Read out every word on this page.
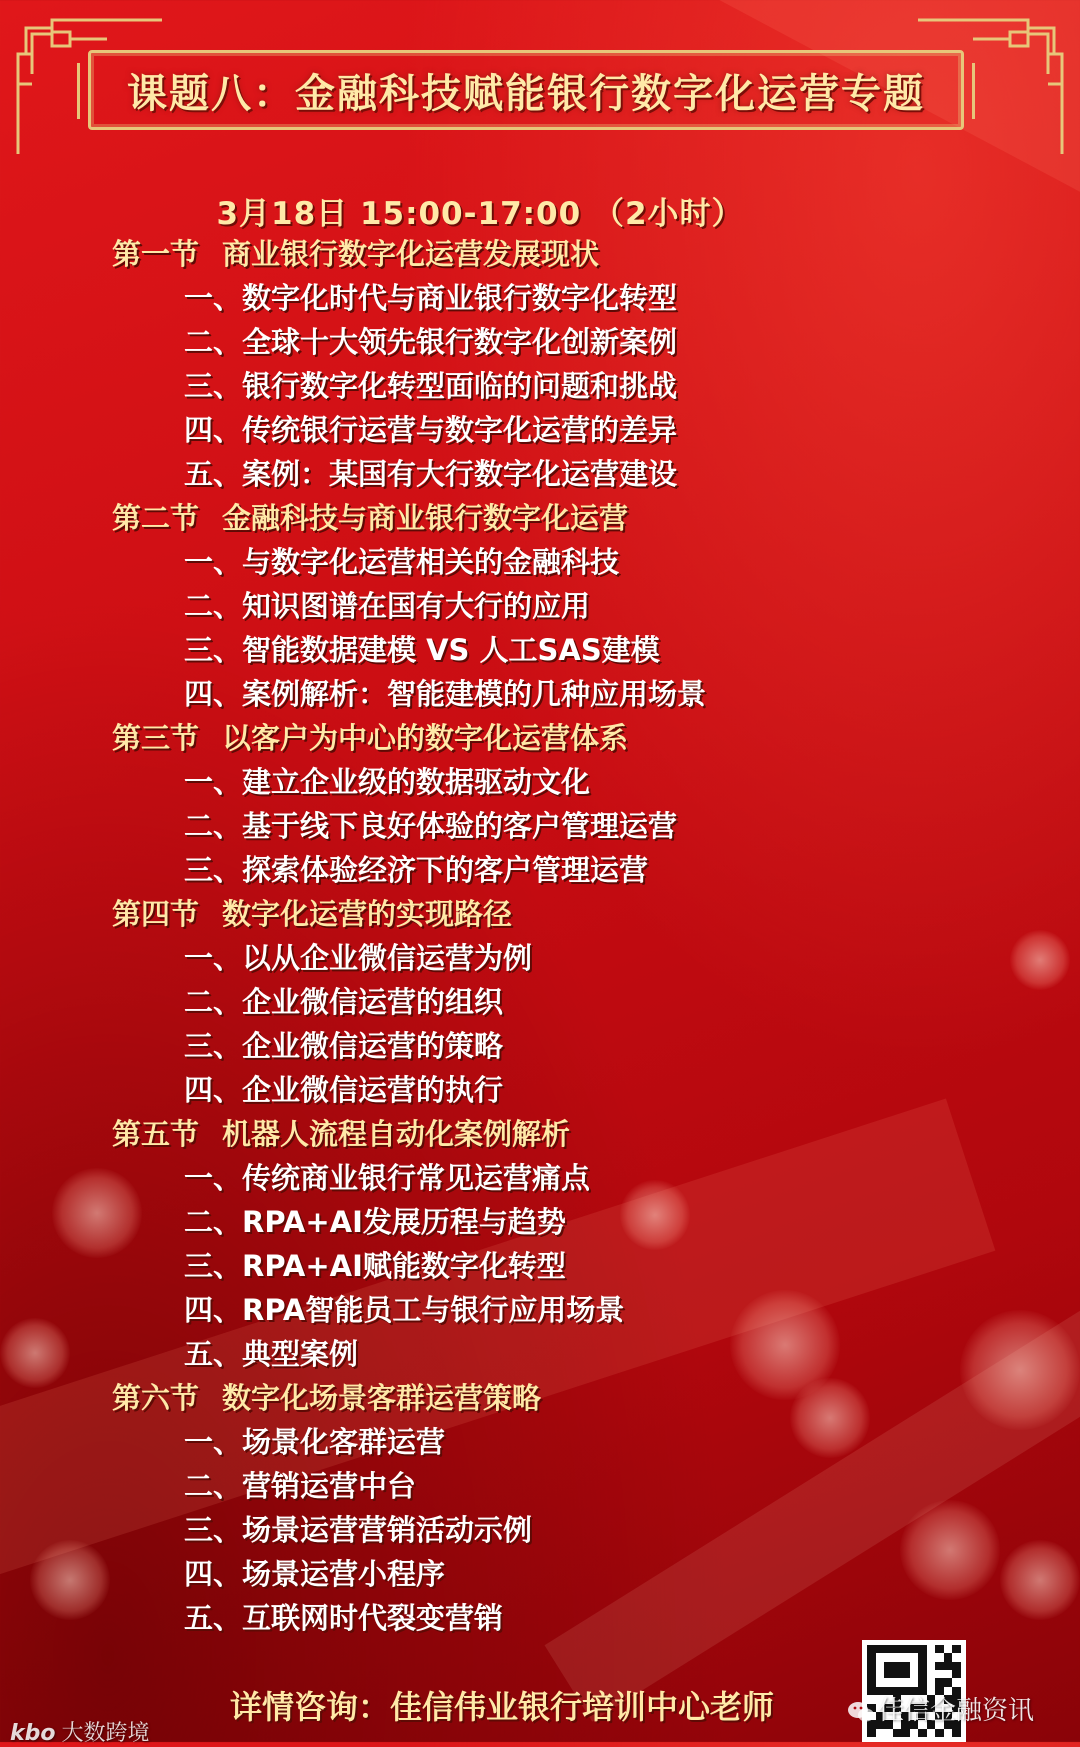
课题八：金融科技赋能银行数字化运营专题
3月18日 15:00-17:00 （2小时）
第一节 商业银行数字化运营发展现状
一、数字化时代与商业银行数字化转型
二、全球十大领先银行数字化创新案例
三、银行数字化转型面临的问题和挑战
四、传统银行运营与数字化运营的差异
五、案例：某国有大行数字化运营建设
第二节 金融科技与商业银行数字化运营
一、与数字化运营相关的金融科技
二、知识图谱在国有大行的应用
三、智能数据建模 VS 人工SAS建模
四、案例解析：智能建模的几种应用场景
第三节 以客户为中心的数字化运营体系
一、建立企业级的数据驱动文化
二、基于线下良好体验的客户管理运营
三、探索体验经济下的客户管理运营
第四节 数字化运营的实现路径
一、以从企业微信运营为例
二、企业微信运营的组织
三、企业微信运营的策略
四、企业微信运营的执行
第五节 机器人流程自动化案例解析
一、传统商业银行常见运营痛点
二、RPA+AI发展历程与趋势
三、RPA+AI赋能数字化转型
四、RPA智能员工与银行应用场景
五、典型案例
第六节 数字化场景客群运营策略
一、场景化客群运营
二、营销运营中台
三、场景运营营销活动示例
四、场景运营小程序
五、互联网时代裂变营销
详情咨询：佳信伟业银行培训中心老师	佳信金融资讯
kbo 大数跨境
